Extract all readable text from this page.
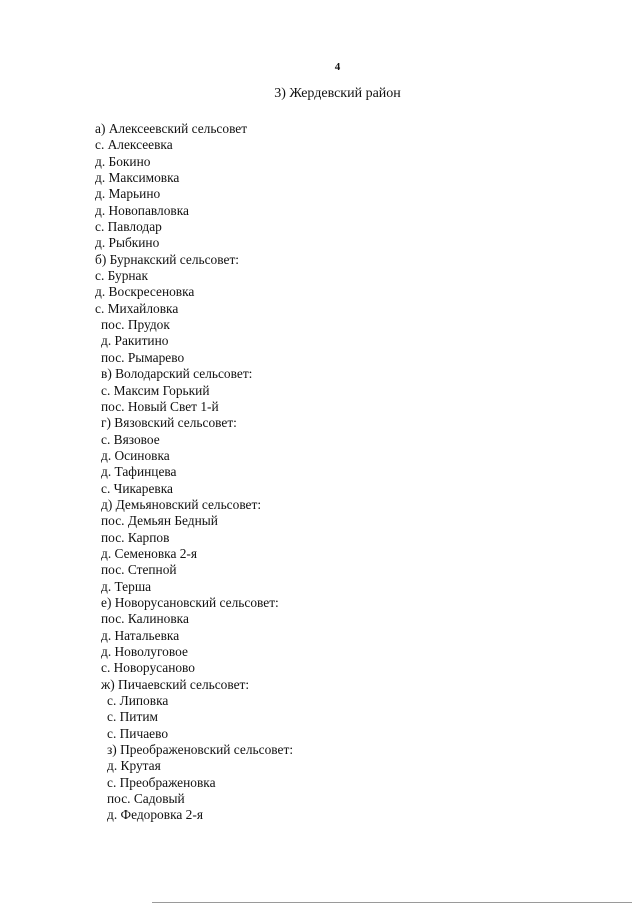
4
3) Жердевский район
а) Алексеевский сельсовет
с. Алексеевка
д. Бокино
д. Максимовка
д. Марьино
д. Новопавловка
с. Павлодар
д. Рыбкино
б) Бурнакский сельсовет:
с. Бурнак
д. Воскресеновка
с. Михайловка
пос. Прудок
д. Ракитино
пос. Рымарево
в) Володарский сельсовет:
с. Максим Горький
пос. Новый Свет 1-й
г) Вязовский сельсовет:
с. Вязовое
д. Осиновка
д. Тафинцева
с. Чикаревка
д) Демьяновский сельсовет:
пос. Демьян Бедный
пос. Карпов
д. Семеновка 2-я
пос. Степной
д. Терша
е) Новорусановский сельсовет:
пос. Калиновка
д. Натальевка
д. Новолуговое
с. Новорусаново
ж) Пичаевский сельсовет:
с. Липовка
с. Питим
с. Пичаево
з) Преображеновский сельсовет:
д. Крутая
с. Преображеновка
пос. Садовый
д. Федоровка 2-я
